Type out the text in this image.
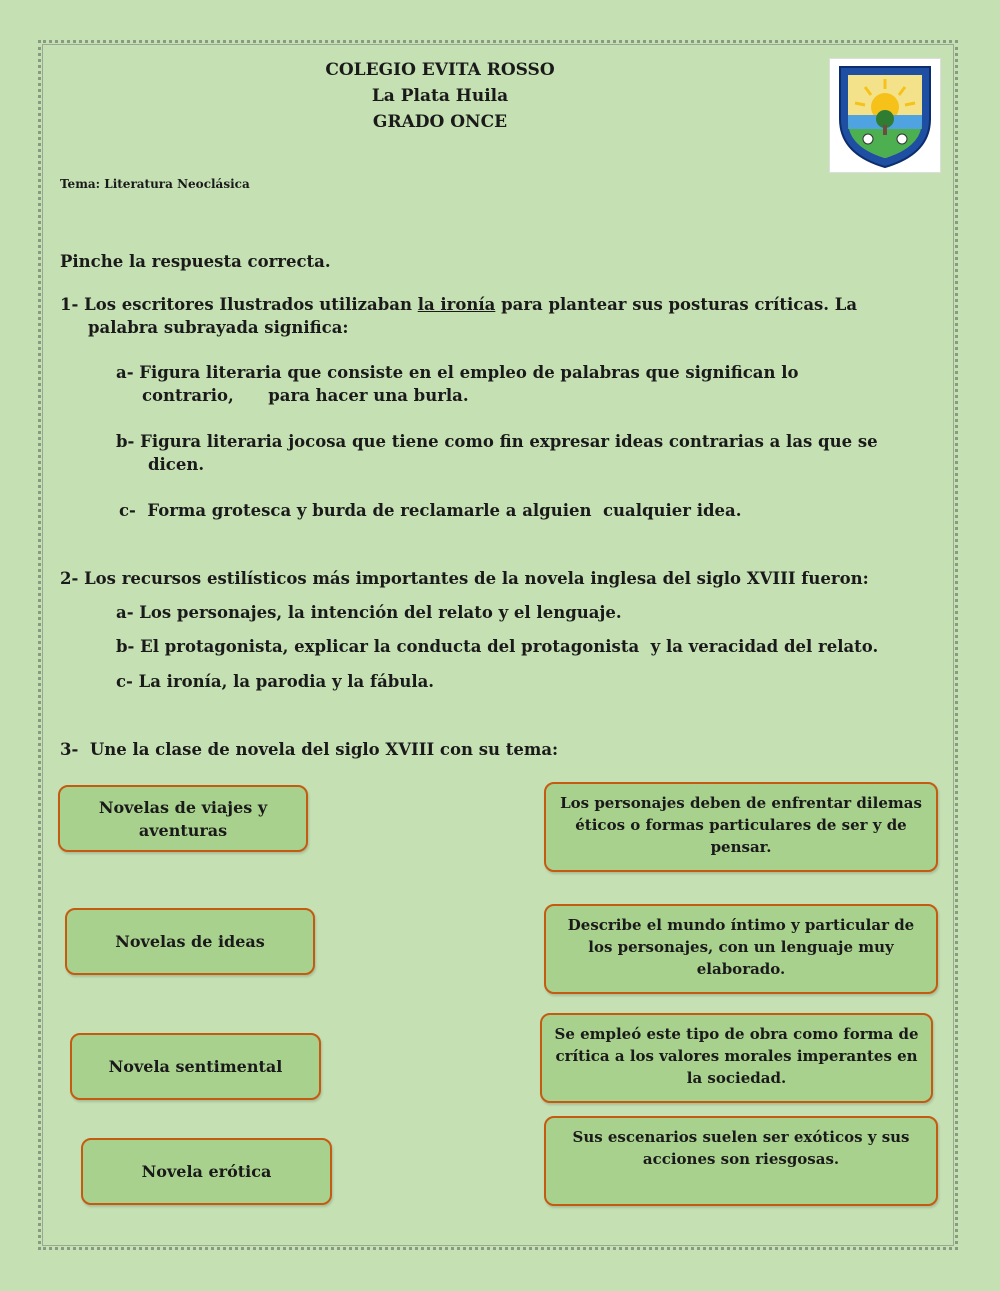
COLEGIO EVITA ROSSO
La Plata Huila
GRADO ONCE
Tema: Literatura Neoclásica
Pinche la respuesta correcta.
1- Los escritores Ilustrados utilizaban la ironía para plantear sus posturas críticas. La
palabra subrayada significa:
a- Figura literaria que consiste en el empleo de palabras que significan lo
contrario,      para hacer una burla.
b- Figura literaria jocosa que tiene como fin expresar ideas contrarias a las que se
dicen.
c-  Forma grotesca y burda de reclamarle a alguien  cualquier idea.
2- Los recursos estilísticos más importantes de la novela inglesa del siglo XVIII fueron:
a- Los personajes, la intención del relato y el lenguaje.
b- El protagonista, explicar la conducta del protagonista  y la veracidad del relato.
c- La ironía, la parodia y la fábula.
3-  Une la clase de novela del siglo XVIII con su tema:
Novelas de viajes y aventuras
Novelas de ideas
Novela sentimental
Novela erótica
Los personajes deben de enfrentar dilemas éticos o formas particulares de ser y de pensar.
Describe el mundo íntimo y particular de los personajes, con un lenguaje muy elaborado.
Se empleó este tipo de obra como forma de crítica a los valores morales imperantes en la sociedad.
Sus escenarios suelen ser exóticos y sus acciones son riesgosas.
